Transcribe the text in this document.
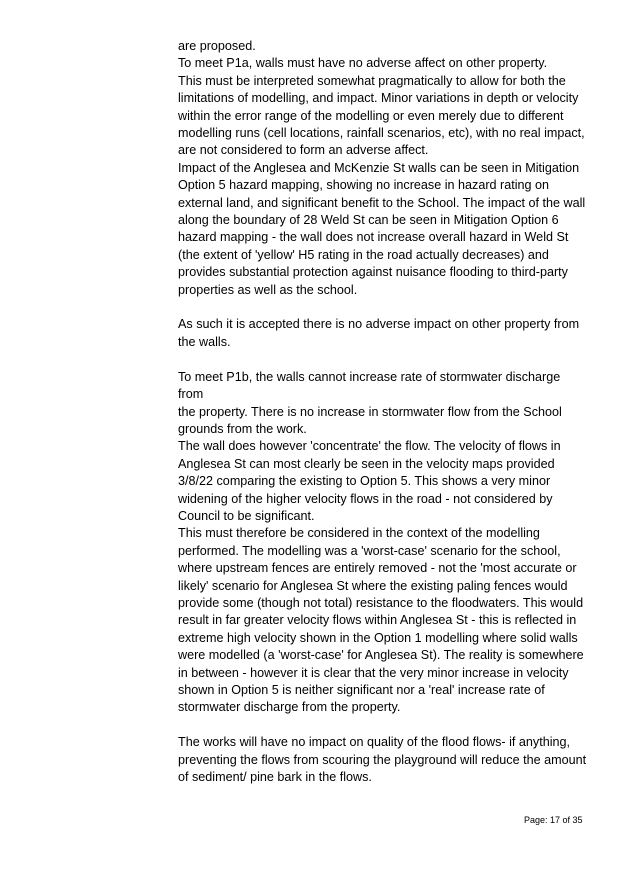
are proposed.

To meet P1a, walls must have no adverse affect on other property.

This must be interpreted somewhat pragmatically to allow for both the
limitations of modelling, and impact. Minor variations in depth or velocity
within the error range of the modelling or even merely due to different
modelling runs (cell locations, rainfall scenarios, etc), with no real impact,
are not considered to form an adverse affect.

Impact of the Anglesea and McKenzie St walls can be seen in Mitigation
Option 5 hazard mapping, showing no increase in hazard rating on
external land, and significant benefit to the School. The impact of the wall
along the boundary of 28 Weld St can be seen in Mitigation Option 6
hazard mapping - the wall does not increase overall hazard in Weld St
(the extent of 'yellow' H5 rating in the road actually decreases) and
provides substantial protection against nuisance flooding to third-party
properties as well as the school.

As such it is accepted there is no adverse impact on other property from
the walls.

To meet P1b, the walls cannot increase rate of stormwater discharge from
the property. There is no increase in stormwater flow from the School
grounds from the work.

The wall does however 'concentrate' the flow. The velocity of flows in
Anglesea St can most clearly be seen in the velocity maps provided
3/8/22 comparing the existing to Option 5. This shows a very minor
widening of the higher velocity flows in the road - not considered by
Council to be significant.

This must therefore be considered in the context of the modelling
performed. The modelling was a 'worst-case' scenario for the school,
where upstream fences are entirely removed - not the 'most accurate or
likely' scenario for Anglesea St where the existing paling fences would
provide some (though not total) resistance to the floodwaters. This would
result in far greater velocity flows within Anglesea St - this is reflected in
extreme high velocity shown in the Option 1 modelling where solid walls
were modelled (a 'worst-case' for Anglesea St). The reality is somewhere
in between - however it is clear that the very minor increase in velocity
shown in Option 5 is neither significant nor a 'real' increase rate of
stormwater discharge from the property.

The works will have no impact on quality of the flood flows- if anything,
preventing the flows from scouring the playground will reduce the amount
of sediment/ pine bark in the flows.

Page: 17 of 35
